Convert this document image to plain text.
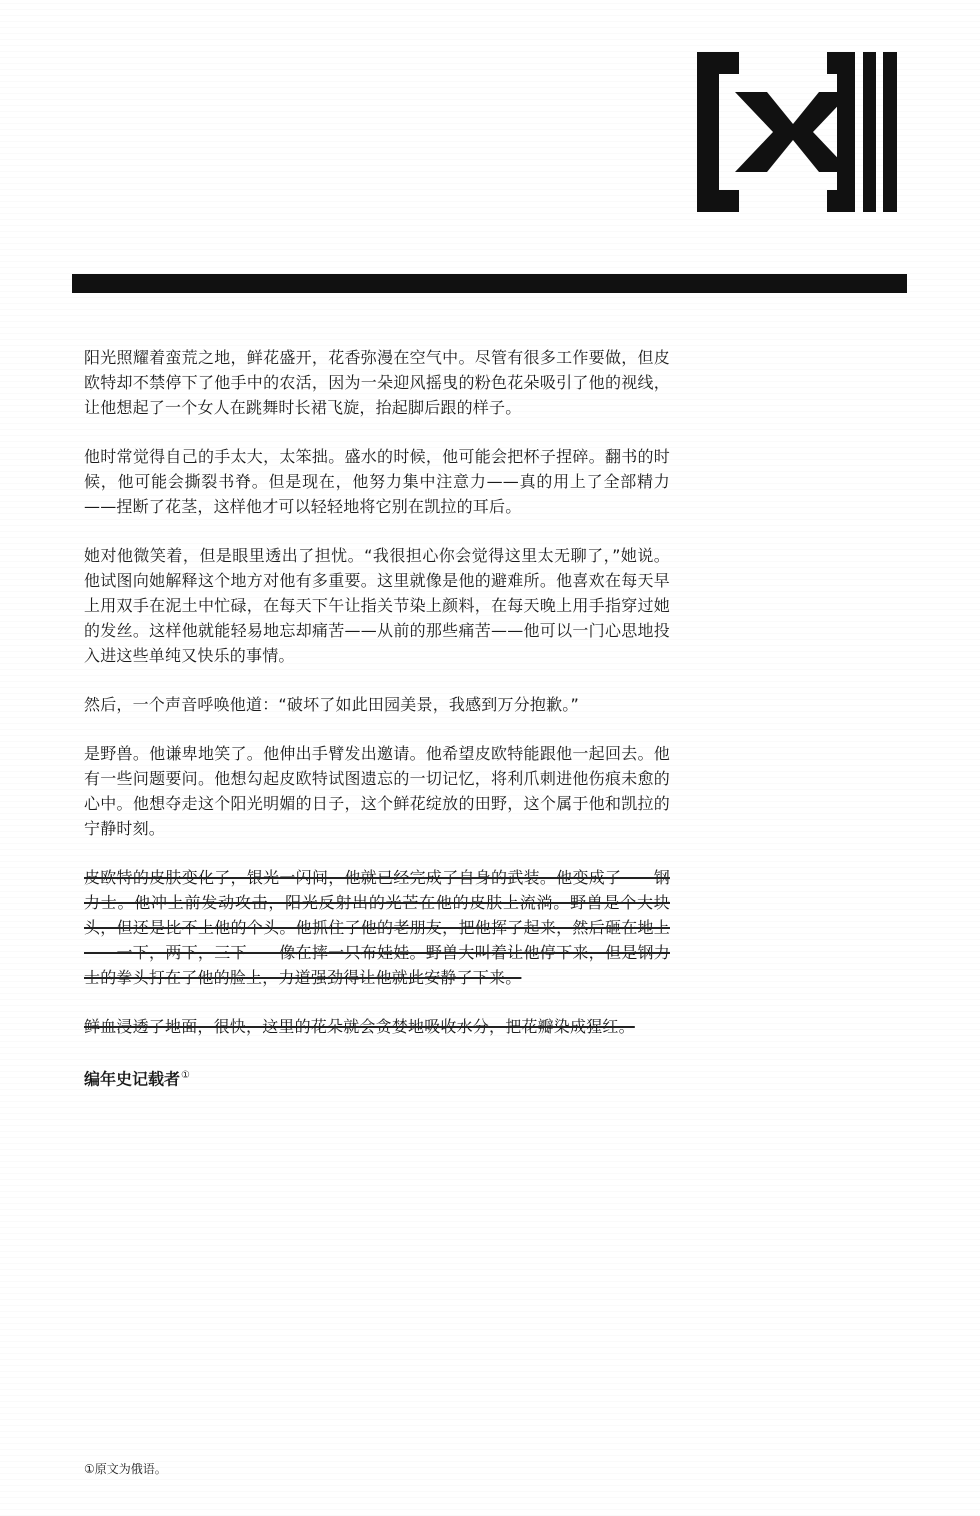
阳光照耀着蛮荒之地，鲜花盛开，花香弥漫在空气中。尽管有很多工作要做，但皮欧特却不禁停下了他手中的农活，因为一朵迎风摇曳的粉色花朵吸引了他的视线，让他想起了一个女人在跳舞时长裙飞旋，抬起脚后跟的样子。

他时常觉得自己的手太大，太笨拙。盛水的时候，他可能会把杯子捏碎。翻书的时候，他可能会撕裂书脊。但是现在，他努力集中注意力——真的用上了全部精力——捏断了花茎，这样他才可以轻轻地将它别在凯拉的耳后。

她对他微笑着，但是眼里透出了担忧。“我很担心你会觉得这里太无聊了，”她说。他试图向她解释这个地方对他有多重要。这里就像是他的避难所。他喜欢在每天早上用双手在泥土中忙碌，在每天下午让指关节染上颜料，在每天晚上用手指穿过她的发丝。这样他就能轻易地忘却痛苦——从前的那些痛苦——他可以一门心思地投入进这些单纯又快乐的事情。

然后，一个声音呼唤他道：“破坏了如此田园美景，我感到万分抱歉。”

是野兽。他谦卑地笑了。他伸出手臂发出邀请。他希望皮欧特能跟他一起回去。他有一些问题要问。他想勾起皮欧特试图遗忘的一切记忆，将利爪刺进他伤痕未愈的心中。他想夺走这个阳光明媚的日子，这个鲜花绽放的田野，这个属于他和凯拉的宁静时刻。

皮欧特的皮肤变化了，银光一闪间，他就已经完成了自身的武装。他变成了——钢力士。他冲上前发动攻击，阳光反射出的光芒在他的皮肤上流淌。野兽是个大块头，但还是比不上他的个头。他抓住了他的老朋友，把他挥了起来，然后砸在地上——一下，两下，三下——像在摔一只布娃娃。野兽大叫着让他停下来，但是钢力士的拳头打在了他的脸上，力道强劲得让他就此安静了下来。

鲜血浸透了地面，很快，这里的花朵就会贪婪地吸收水分，把花瓣染成猩红。

编年史记载者①

①原文为俄语。
